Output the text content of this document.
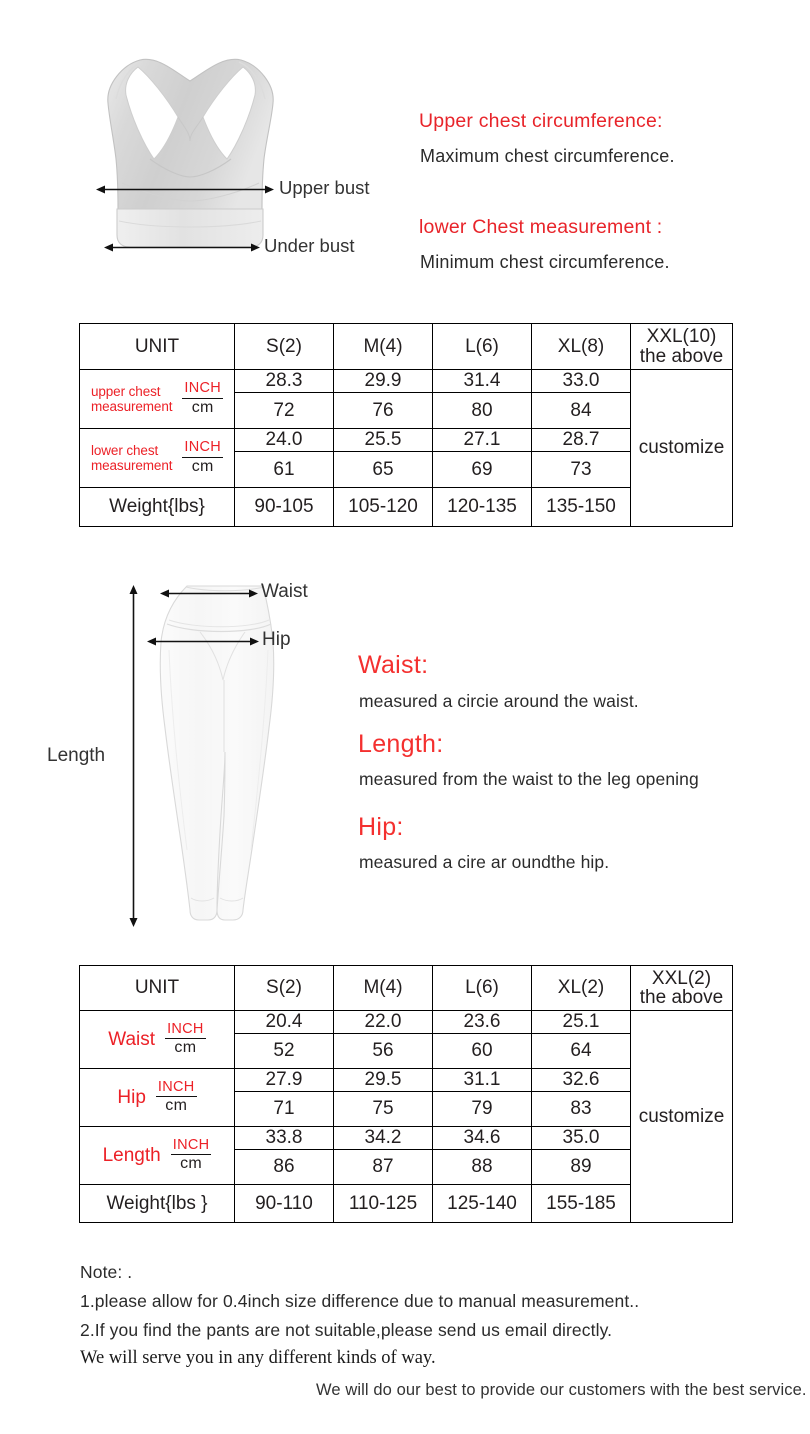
Upper bust
Under bust
Upper chest circumference:
Maximum chest circumference.
lower Chest measurement :
Minimum chest circumference.
UNIT	S(2)	M(4)	L(6)	XL(8)	XXL(10)
the above

upper chest
measurement $\frac{\text{INCH}}{cm}$	28.3	29.9	31.4	33.0	customize
	72	76	80	84	

lower chest
measurement $\frac{\text{INCH}}{cm}$	24.0	25.5	27.1	28.7	
	61	65	69	73	
Weight{lbs}	90-105	105-120	120-135	135-150	
Waist
Hip
Length
Waist:
measured a circie around the waist.
Length:
measured from the waist to the leg opening
Hip:
measured a cire ar oundthe hip.
UNIT	S(2)	M(4)	L(6)	XL(2)	XXL(2)
the above

Waist $\frac{\text{INCH}}{cm}$	20.4	22.0	23.6	25.1	customize
	52	56	60	64	

Hip $\frac{\text{INCH}}{cm}$	27.9	29.5	31.1	32.6	
	71	75	79	83	

Length $\frac{\text{INCH}}{cm}$	33.8	34.2	34.6	35.0	
	86	87	88	89	
Weight{lbs }	90-110	110-125	125-140	155-185	
Note: .
1.please allow for 0.4inch size difference due to manual measurement..
2.If you find the pants are not suitable,please send us email directly.
We will serve you in any different kinds of way.
We will do our best to provide our customers with the best service.
